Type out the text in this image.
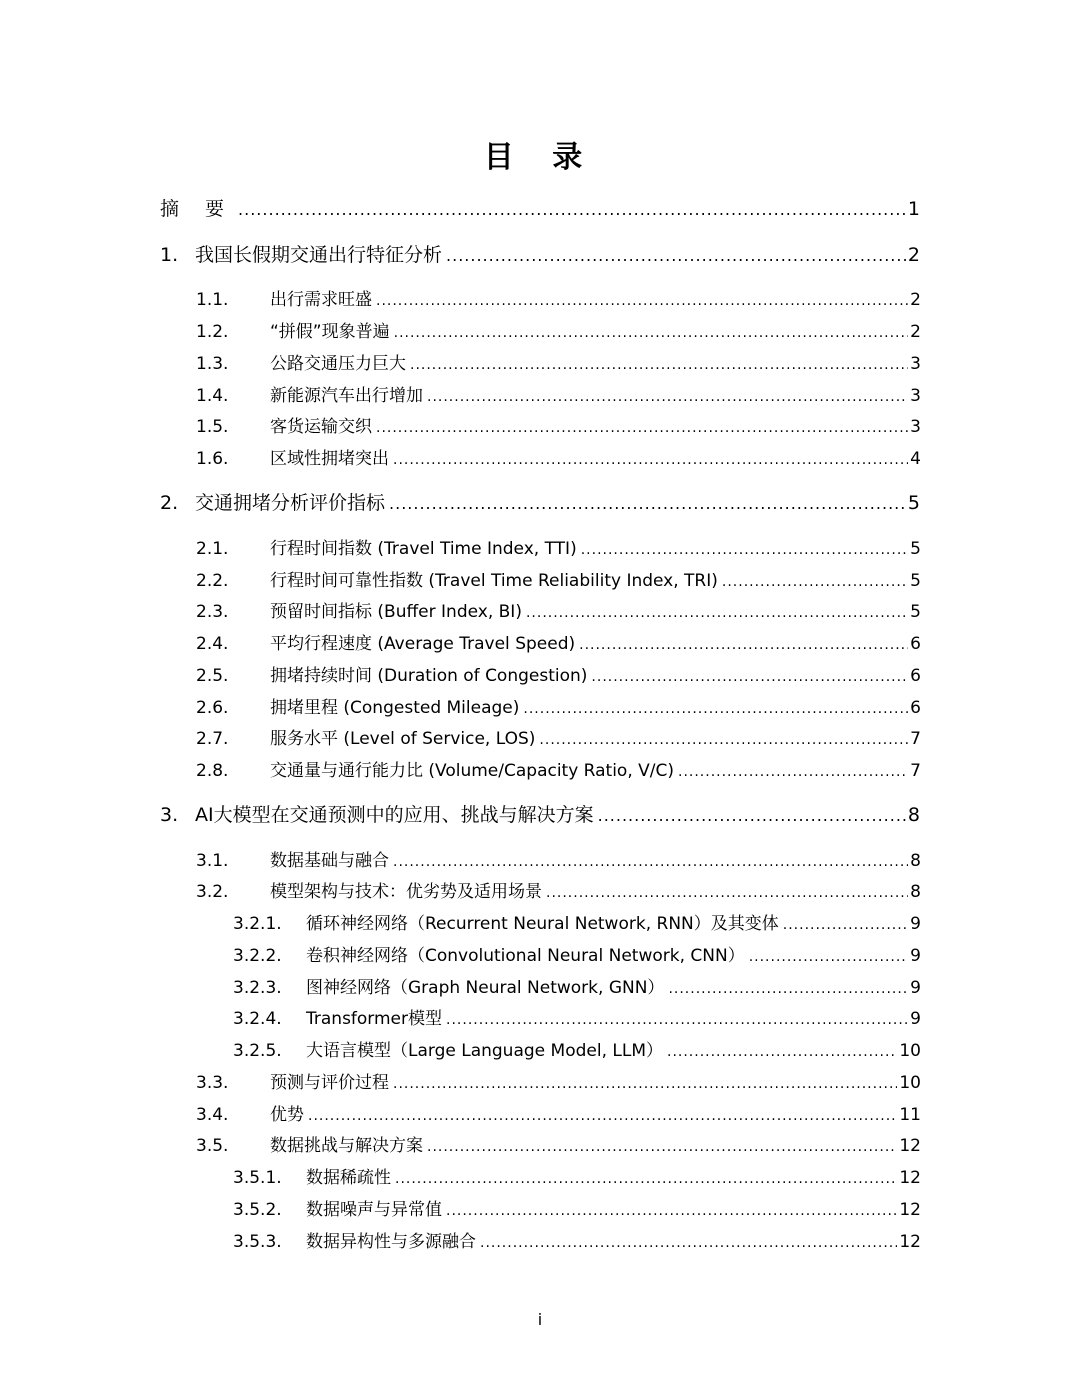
目 录
摘 要 .....	1
1. 我国长假期交通出行特征分析 .....	2
1.1.	出行需求旺盛 .....	2
1.2.	“拼假”现象普遍 .....	2
1.3.	公路交通压力巨大 .....	3
1.4.	新能源汽车出行增加 .....	3
1.5.	客货运输交织 .....	3
1.6.	区域性拥堵突出 .....	4
2. 交通拥堵分析评价指标 .....	5
2.1.	行程时间指数 (Travel Time Index, TTI) .....	5
2.2.	行程时间可靠性指数 (Travel Time Reliability Index, TRI) .....	5
2.3.	预留时间指标 (Buffer Index, BI) .....	5
2.4.	平均行程速度 (Average Travel Speed) .....	6
2.5.	拥堵持续时间 (Duration of Congestion) .....	6
2.6.	拥堵里程 (Congested Mileage) .....	6
2.7.	服务水平 (Level of Service, LOS) .....	7
2.8.	交通量与通行能力比 (Volume/Capacity Ratio, V/C) .....	7
3. AI大模型在交通预测中的应用、挑战与解决方案 .....	8
3.1.	数据基础与融合 .....	8
3.2.	模型架构与技术：优劣势及适用场景 .....	8
3.2.1.	循环神经网络（Recurrent Neural Network, RNN）及其变体 .....	9
3.2.2.	卷积神经网络（Convolutional Neural Network, CNN） .....	9
3.2.3.	图神经网络（Graph Neural Network, GNN） .....	9
3.2.4.	Transformer模型 .....	9
3.2.5.	大语言模型（Large Language Model, LLM） .....	10
3.3.	预测与评价过程 .....	10
3.4.	优势 .....	11
3.5.	数据挑战与解决方案 .....	12
3.5.1.	数据稀疏性 .....	12
3.5.2.	数据噪声与异常值 .....	12
3.5.3.	数据异构性与多源融合 .....	12
i
